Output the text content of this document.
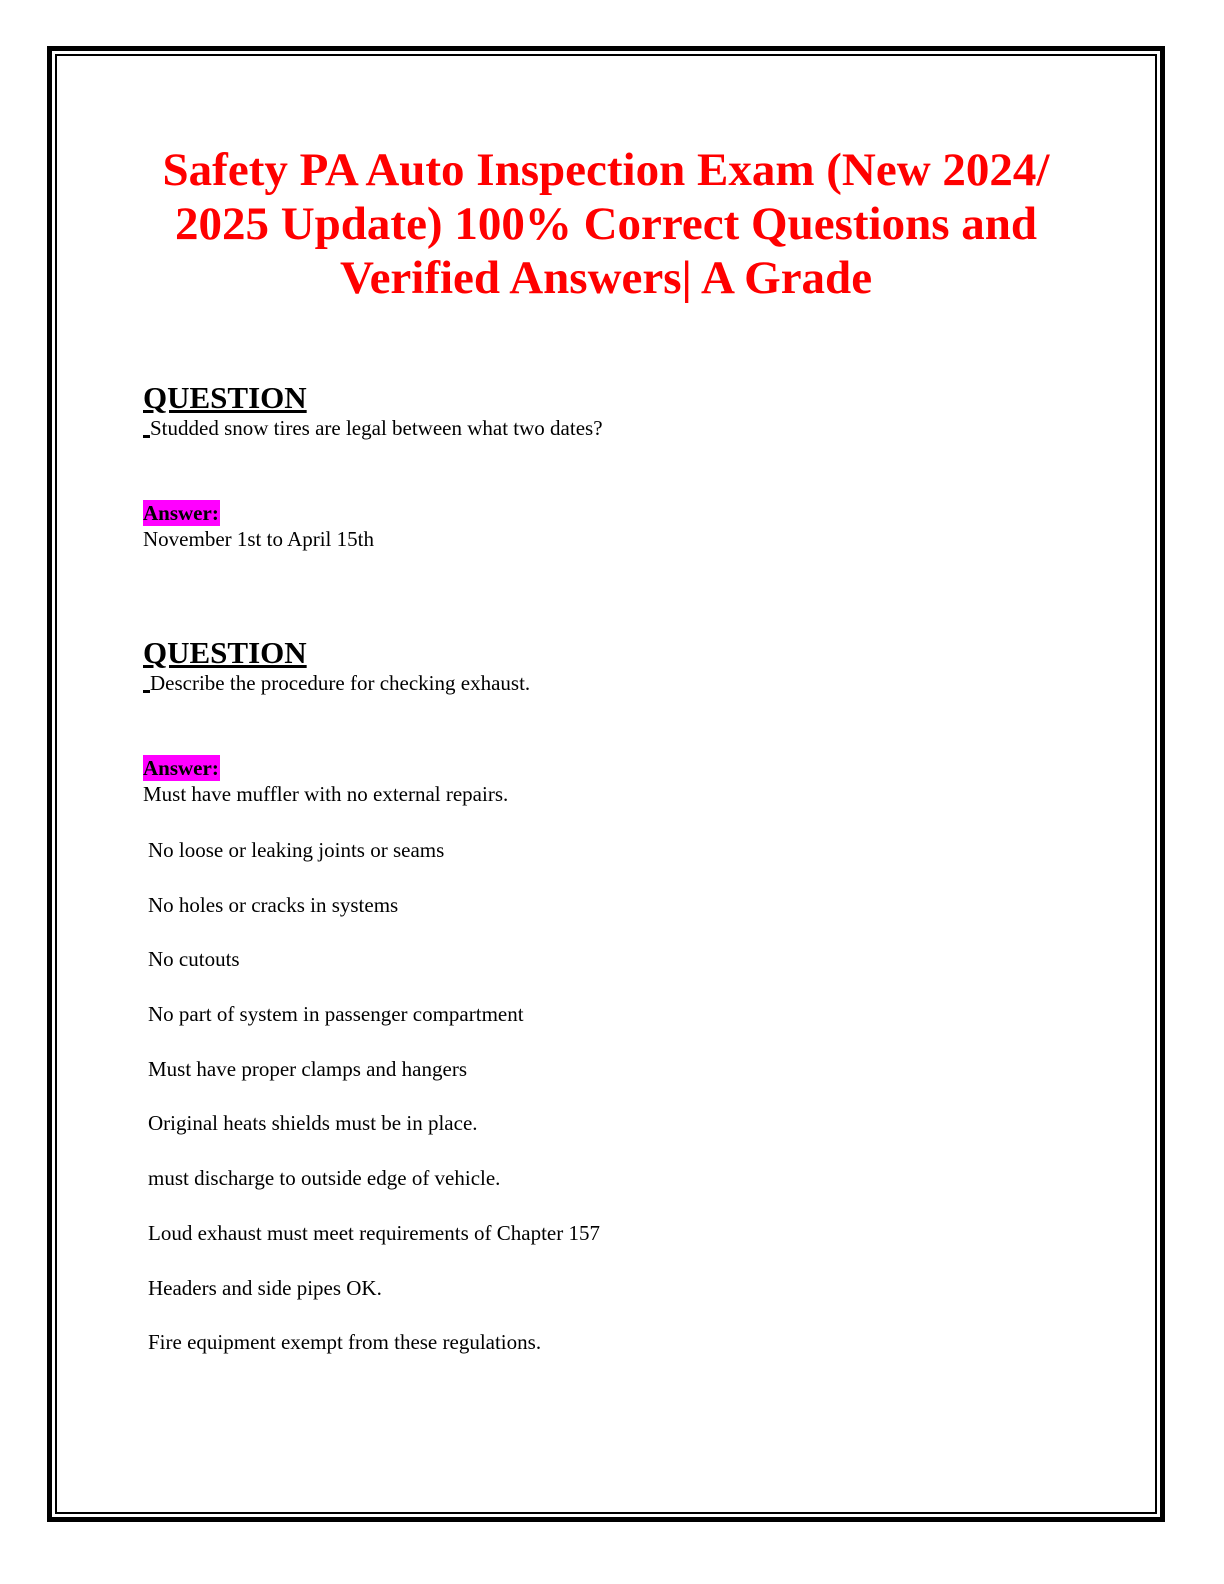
Safety PA Auto Inspection Exam (New 2024/
2025 Update) 100% Correct Questions and
Verified Answers| A Grade

QUESTION

Studded snow tires are legal between what two dates?

Answer:

November 1st to April 15th

QUESTION

Describe the procedure for checking exhaust.

Answer:

Must have muffler with no external repairs.

No loose or leaking joints or seams
No holes or cracks in systems
No cutouts
No part of system in passenger compartment
Must have proper clamps and hangers
Original heats shields must be in place.
must discharge to outside edge of vehicle.
Loud exhaust must meet requirements of Chapter 157
Headers and side pipes OK.
Fire equipment exempt from these regulations.
